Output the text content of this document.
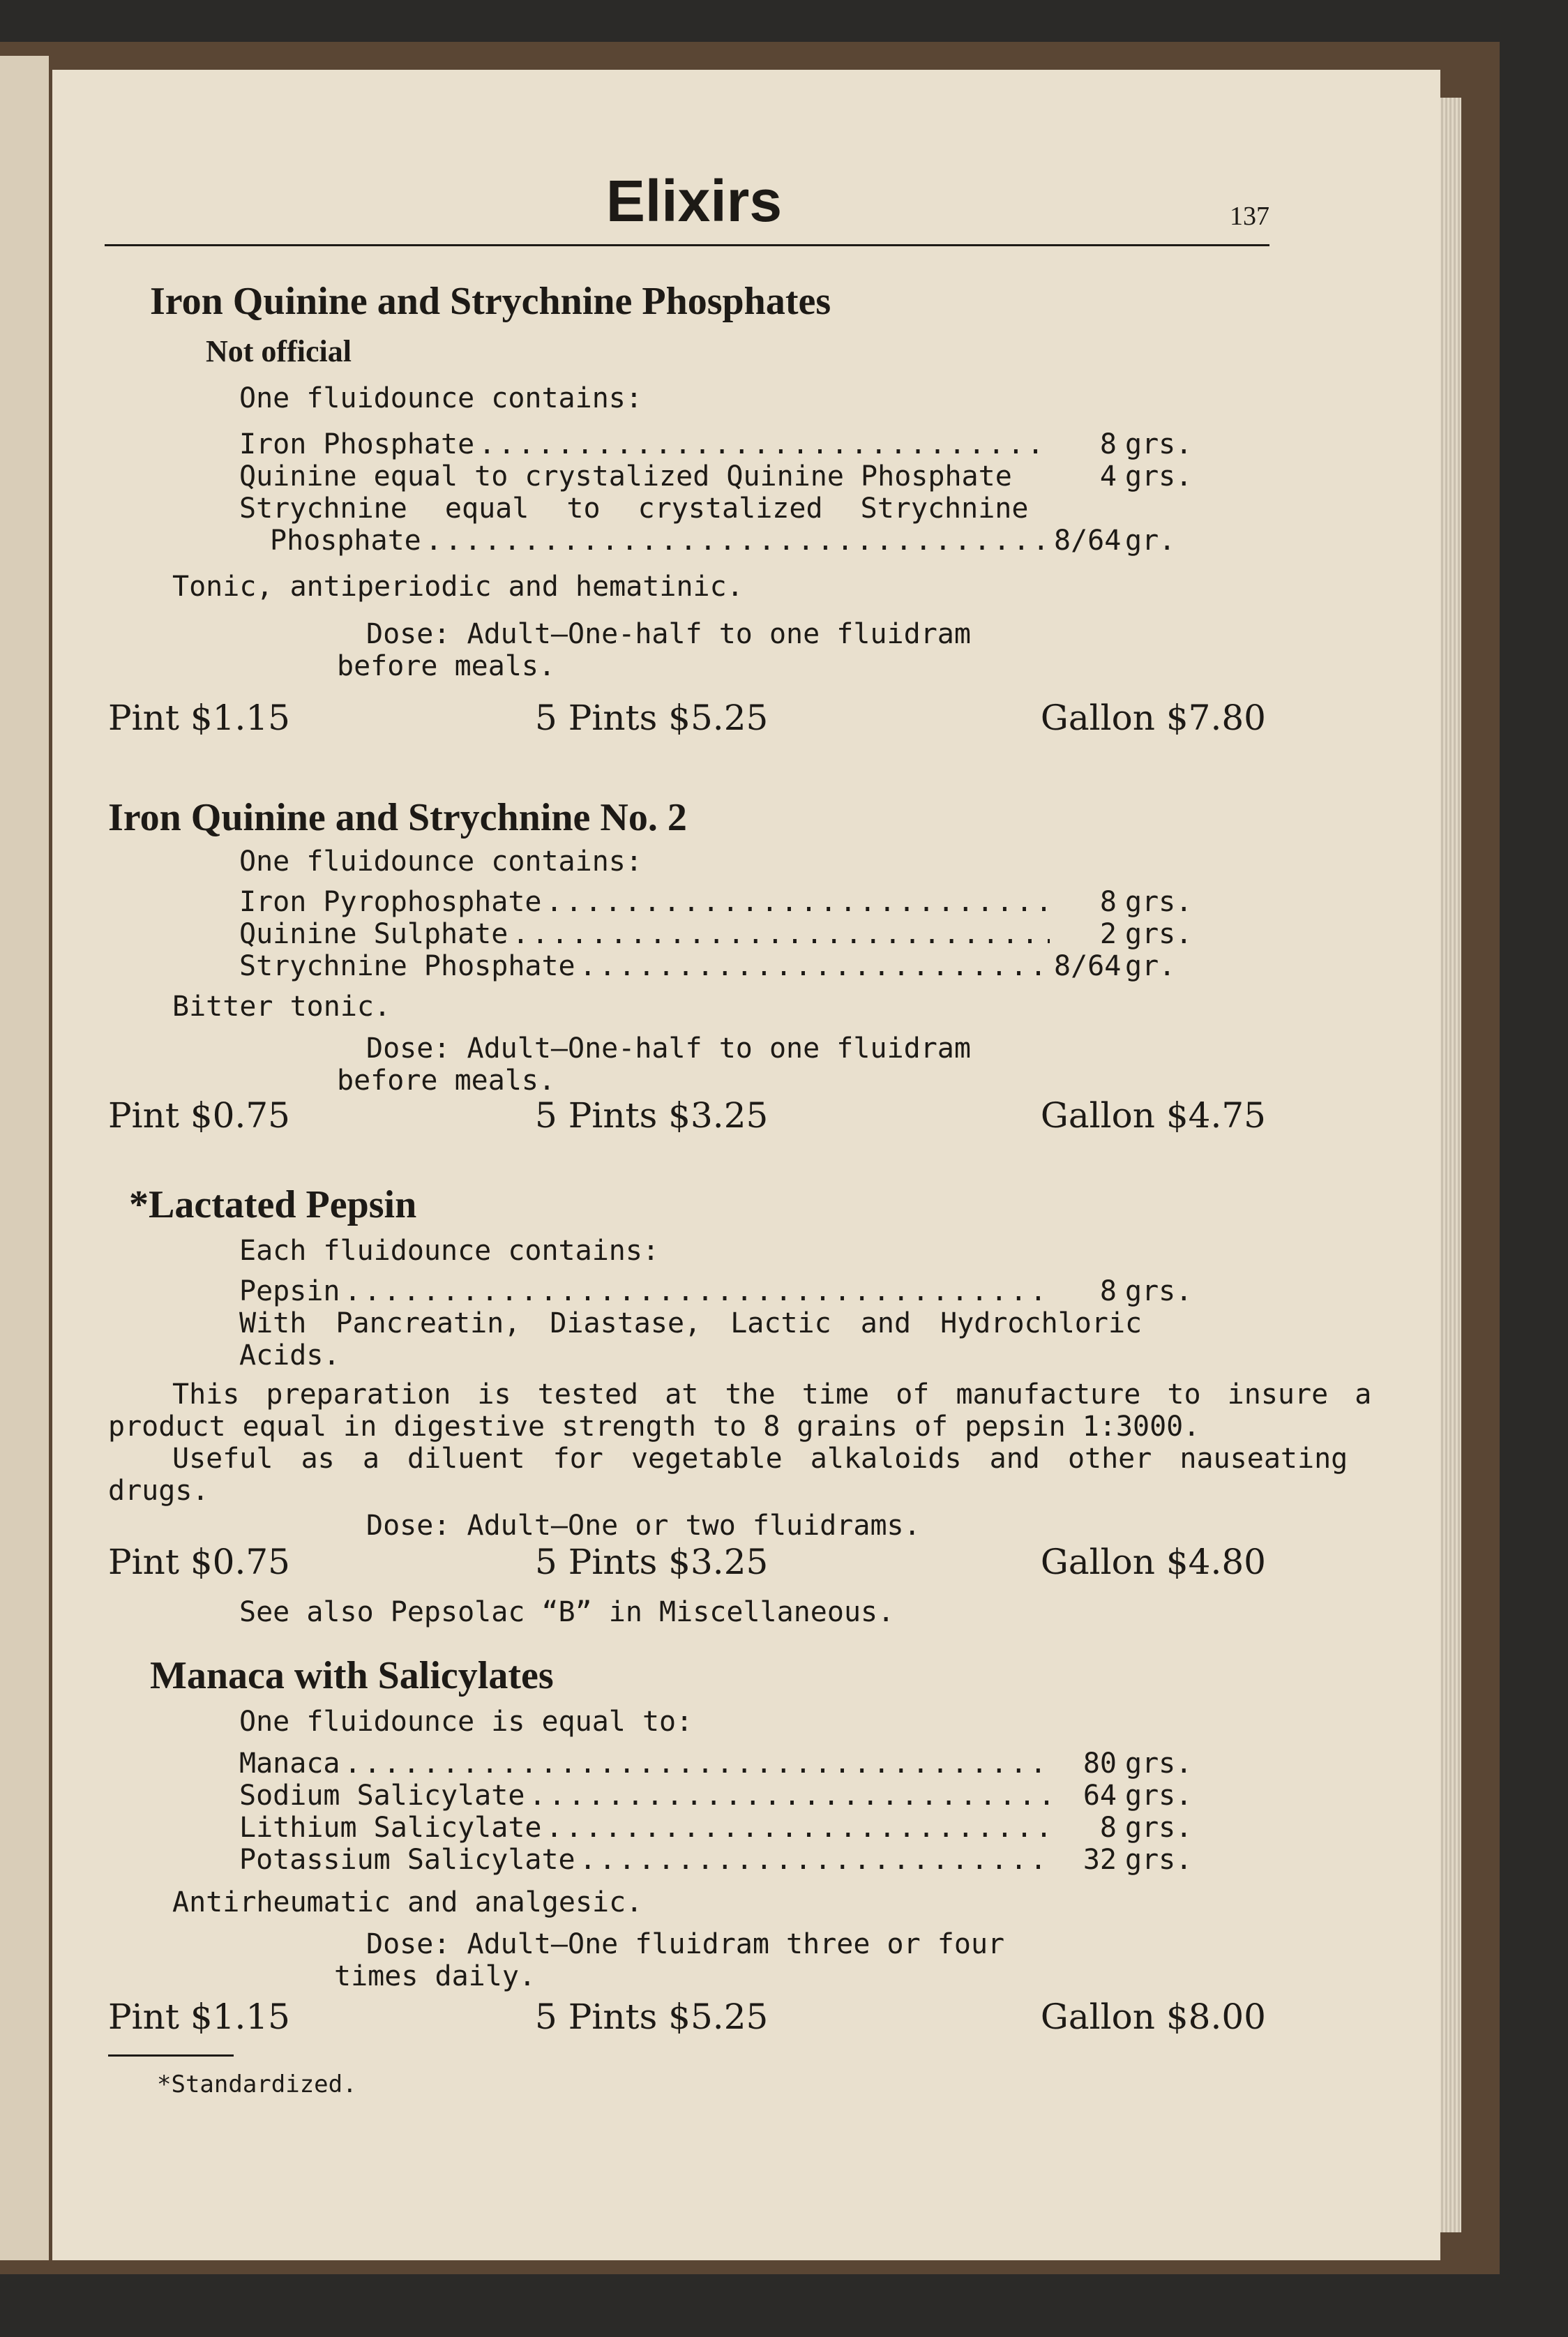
Elixirs	137
Iron Quinine and Strychnine Phosphates
Not official
One fluidounce contains:
Iron Phosphate .....	8 grs.
Quinine equal to crystalized Quinine Phosphate	4 grs.
Strychnine equal to crystalized Strychnine
Phosphate .....	8/64 gr.
Tonic, antiperiodic and hematinic.
Dose: Adult—One-half to one fluidram
before meals.
Pint $1.15	5 Pints $5.25	Gallon $7.80
Iron Quinine and Strychnine No. 2
One fluidounce contains:
Iron Pyrophosphate .....	8 grs.
Quinine Sulphate .....	2 grs.
Strychnine Phosphate .....	8/64 gr.
Bitter tonic.
Dose: Adult—One-half to one fluidram
before meals.
Pint $0.75	5 Pints $3.25	Gallon $4.75
*Lactated Pepsin
Each fluidounce contains:
Pepsin .....	8 grs.
With Pancreatin, Diastase, Lactic and Hydrochloric
Acids.
This preparation is tested at the time of manufacture to insure a
product equal in digestive strength to 8 grains of pepsin 1:3000.
Useful as a diluent for vegetable alkaloids and other nauseating
drugs.
Dose: Adult—One or two fluidrams.
Pint $0.75	5 Pints $3.25	Gallon $4.80
See also Pepsolac “B” in Miscellaneous.
Manaca with Salicylates
One fluidounce is equal to:
Manaca .....	80 grs.
Sodium Salicylate .....	64 grs.
Lithium Salicylate .....	8 grs.
Potassium Salicylate .....	32 grs.
Antirheumatic and analgesic.
Dose: Adult—One fluidram three or four
times daily.
Pint $1.15	5 Pints $5.25	Gallon $8.00
*Standardized.
